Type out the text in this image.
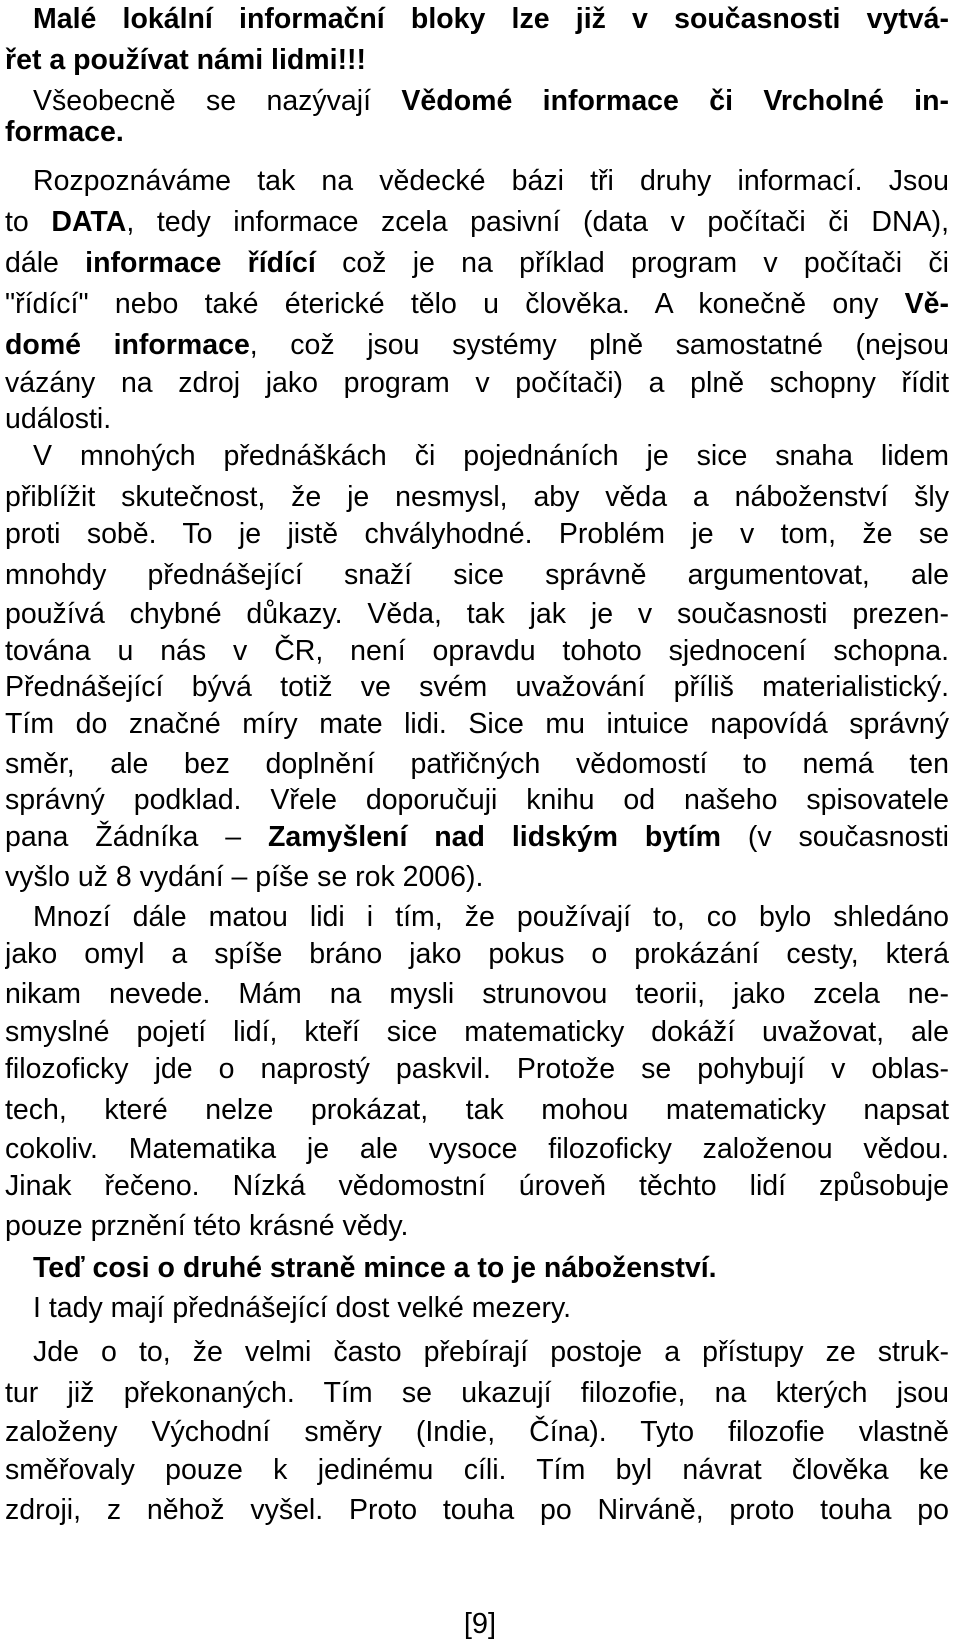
Malé lokální informační bloky lze již v současnosti vytvá-
řet a používat námi lidmi!!!
Všeobecně se nazývají Vědomé informace či Vrcholné in-
formace.
Rozpoznáváme tak na vědecké bázi tři druhy informací. Jsou
to DATA, tedy informace zcela pasivní (data v počítači či DNA),
dále informace řídící což je na příklad program v počítači či
"řídící" nebo také éterické tělo u člověka. A konečně ony Vě-
domé informace, což jsou systémy plně samostatné (nejsou
vázány na zdroj jako program v počítači) a plně schopny řídit
události.
V mnohých přednáškách či pojednáních je sice snaha lidem
přiblížit skutečnost, že je nesmysl, aby věda a náboženství šly
proti sobě. To je jistě chvályhodné. Problém je v tom, že se
mnohdy přednášející snaží sice správně argumentovat, ale
používá chybné důkazy. Věda, tak jak je v současnosti prezen-
tována u nás v ČR, není opravdu tohoto sjednocení schopna.
Přednášející bývá totiž ve svém uvažování příliš materialistický.
Tím do značné míry mate lidi. Sice mu intuice napovídá správný
směr, ale bez doplnění patřičných vědomostí to nemá ten
správný podklad. Vřele doporučuji knihu od našeho spisovatele
pana Žádníka – Zamyšlení nad lidským bytím (v současnosti
vyšlo už 8 vydání – píše se rok 2006).
Mnozí dále matou lidi i tím, že používají to, co bylo shledáno
jako omyl a spíše bráno jako pokus o prokázání cesty, která
nikam nevede. Mám na mysli strunovou teorii, jako zcela ne-
smyslné pojetí lidí, kteří sice matematicky dokáží uvažovat, ale
filozoficky jde o naprostý paskvil. Protože se pohybují v oblas-
tech, které nelze prokázat, tak mohou matematicky napsat
cokoliv. Matematika je ale vysoce filozoficky založenou vědou.
Jinak řečeno. Nízká vědomostní úroveň těchto lidí způsobuje
pouze prznění této krásné vědy.
Teď cosi o druhé straně mince a to je náboženství.
I tady mají přednášející dost velké mezery.
Jde o to, že velmi často přebírají postoje a přístupy ze struk-
tur již překonaných. Tím se ukazují filozofie, na kterých jsou
založeny Východní směry (Indie, Čína). Tyto filozofie vlastně
směřovaly pouze k jedinému cíli. Tím byl návrat člověka ke
zdroji, z něhož vyšel. Proto touha po Nirváně, proto touha po
[9]
